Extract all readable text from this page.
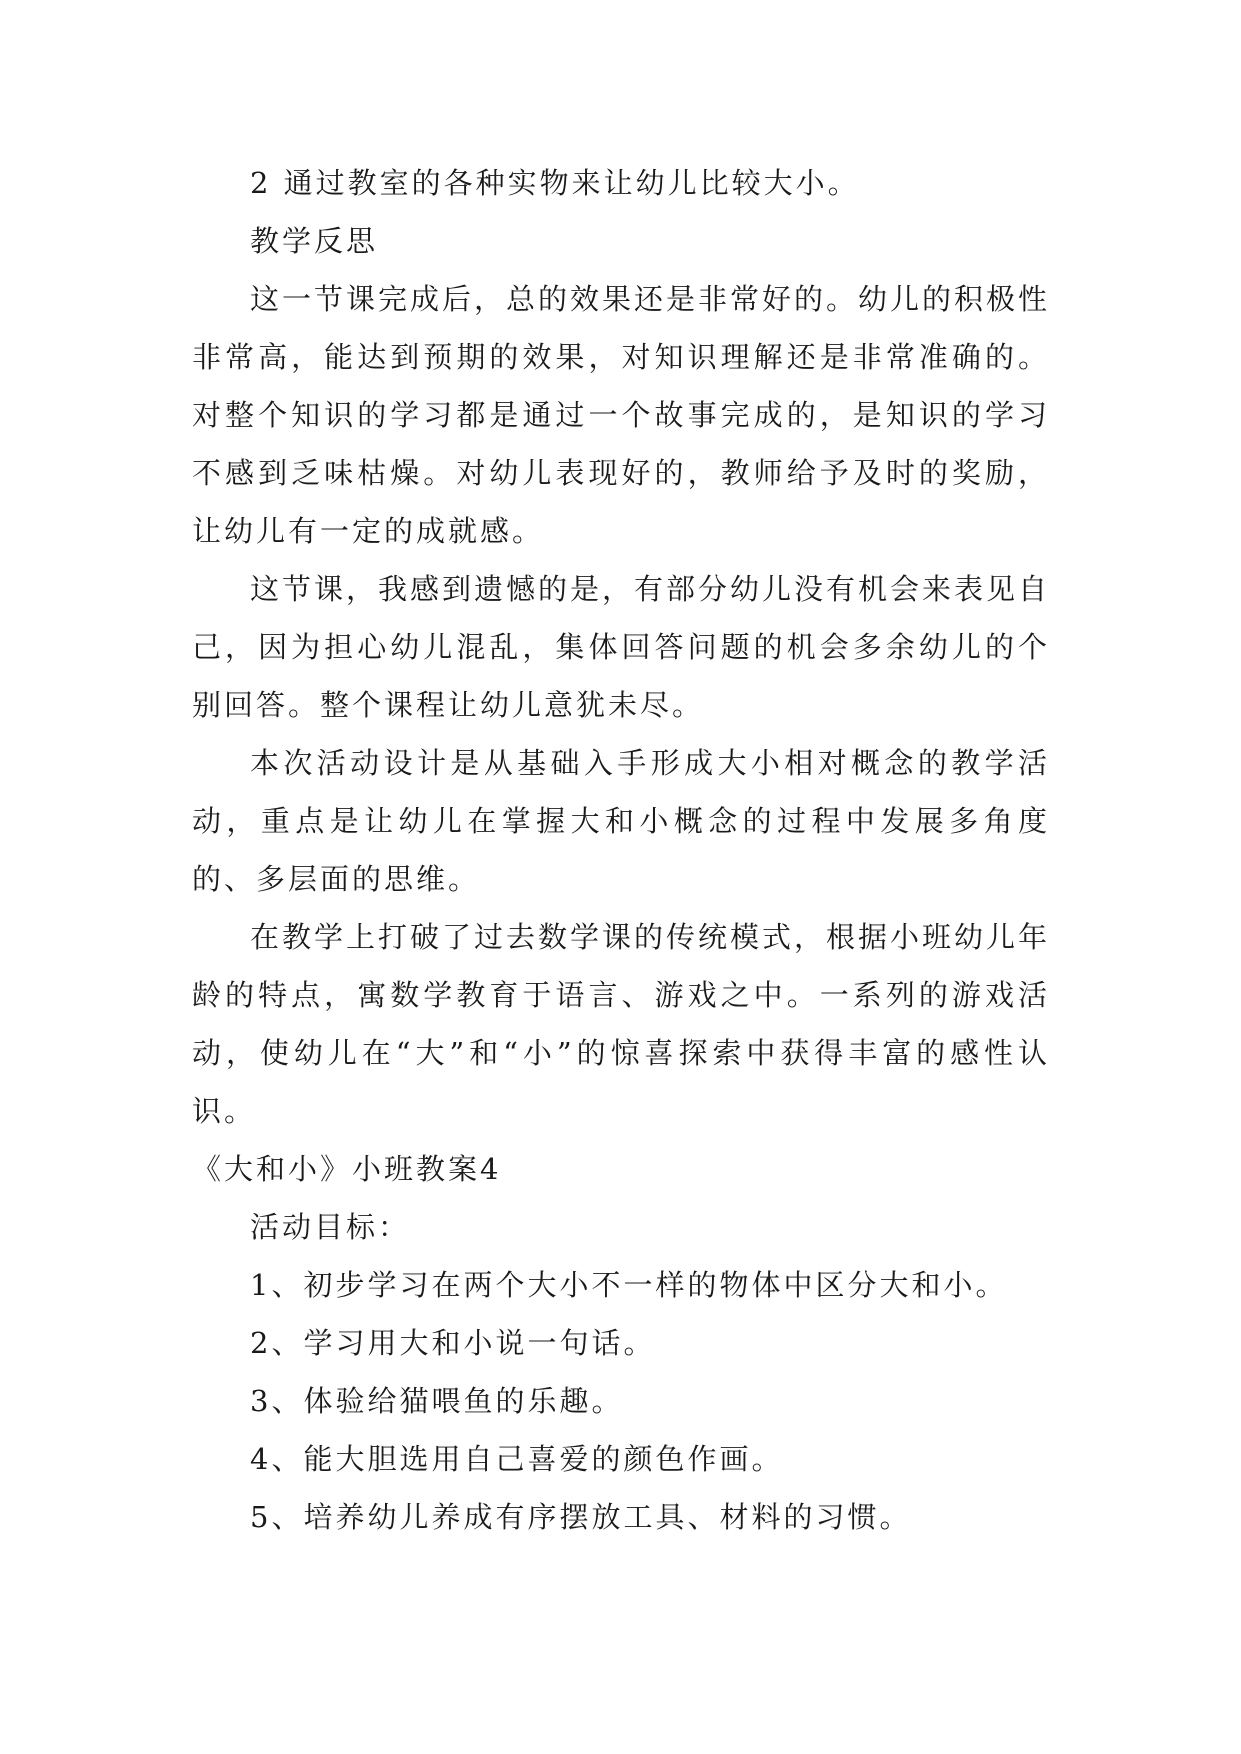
2 通过教室的各种实物来让幼儿比较大小。

教学反思

这一节课完成后，总的效果还是非常好的。幼儿的积极性非常高，能达到预期的效果，对知识理解还是非常准确的。对整个知识的学习都是通过一个故事完成的，是知识的学习不感到乏味枯燥。对幼儿表现好的，教师给予及时的奖励，让幼儿有一定的成就感。

这节课，我感到遗憾的是，有部分幼儿没有机会来表见自己，因为担心幼儿混乱，集体回答问题的机会多余幼儿的个别回答。整个课程让幼儿意犹未尽。

本次活动设计是从基础入手形成大小相对概念的教学活动，重点是让幼儿在掌握大和小概念的过程中发展多角度的、多层面的思维。

在教学上打破了过去数学课的传统模式，根据小班幼儿年龄的特点，寓数学教育于语言、游戏之中。一系列的游戏活动，使幼儿在“大”和“小”的惊喜探索中获得丰富的感性认识。

《大和小》小班教案4

活动目标：

1、初步学习在两个大小不一样的物体中区分大和小。

2、学习用大和小说一句话。

3、体验给猫喂鱼的乐趣。

4、能大胆选用自己喜爱的颜色作画。

5、培养幼儿养成有序摆放工具、材料的习惯。
